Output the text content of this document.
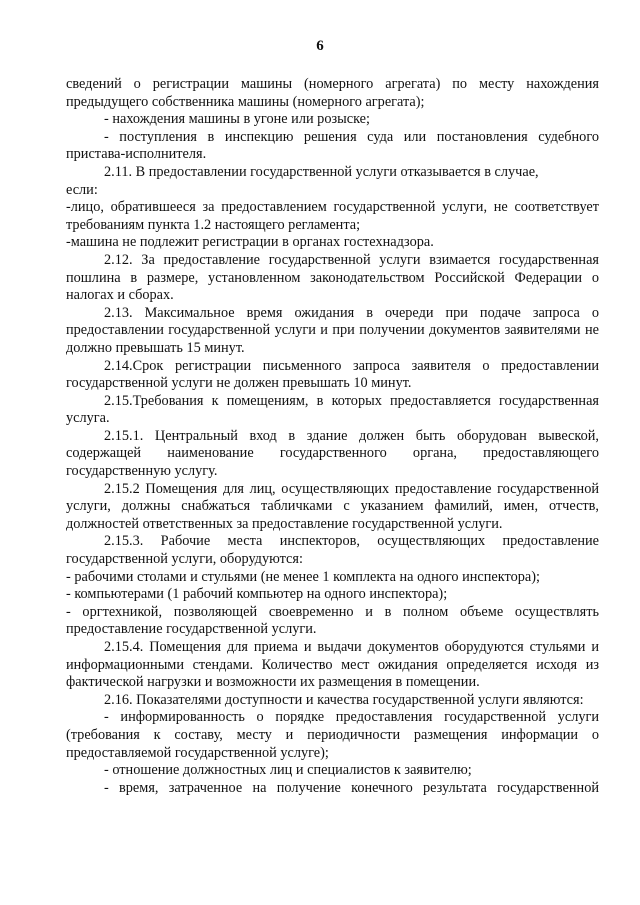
6

сведений о регистрации машины (номерного агрегата) по месту нахождения предыдущего собственника машины (номерного агрегата);

- нахождения машины в угоне или розыске;

- поступления в инспекцию решения суда или постановления судебного пристава-исполнителя.

2.11. В предоставлении государственной услуги отказывается в случае,

если:

-лицо, обратившееся за предоставлением государственной услуги, не соответствует требованиям пункта 1.2 настоящего регламента;

-машина не подлежит регистрации в органах гостехнадзора.

2.12. За предоставление государственной услуги взимается государственная пошлина в размере, установленном законодательством Российской Федерации о налогах и сборах.

2.13. Максимальное время ожидания в очереди при подаче запроса о предоставлении государственной услуги и при получении документов заявителями не должно превышать 15 минут.

2.14.Срок регистрации письменного запроса заявителя о предоставлении государственной услуги не должен превышать 10 минут.

2.15.Требования к помещениям, в которых предоставляется государственная услуга.

2.15.1. Центральный вход в здание должен быть оборудован вывеской, содержащей наименование государственного органа, предоставляющего государственную услугу.

2.15.2 Помещения для лиц, осуществляющих предоставление государственной услуги, должны снабжаться табличками с указанием фамилий, имен, отчеств, должностей ответственных за предоставление государственной услуги.

2.15.3. Рабочие места инспекторов, осуществляющих предоставление государственной услуги, оборудуются:

- рабочими столами и стульями (не менее 1 комплекта на одного инспектора);

- компьютерами (1 рабочий компьютер на одного инспектора);

- оргтехникой, позволяющей своевременно и в полном объеме осуществлять предоставление государственной услуги.

2.15.4. Помещения для приема и выдачи документов оборудуются стульями и информационными стендами. Количество мест ожидания определяется исходя из фактической нагрузки и возможности их размещения в помещении.

2.16. Показателями доступности и качества государственной услуги являются:

- информированность о порядке предоставления государственной услуги (требования к составу, месту и периодичности размещения информации о предоставляемой государственной услуге);

- отношение должностных лиц и специалистов к заявителю;

- время, затраченное на получение конечного результата государственной
